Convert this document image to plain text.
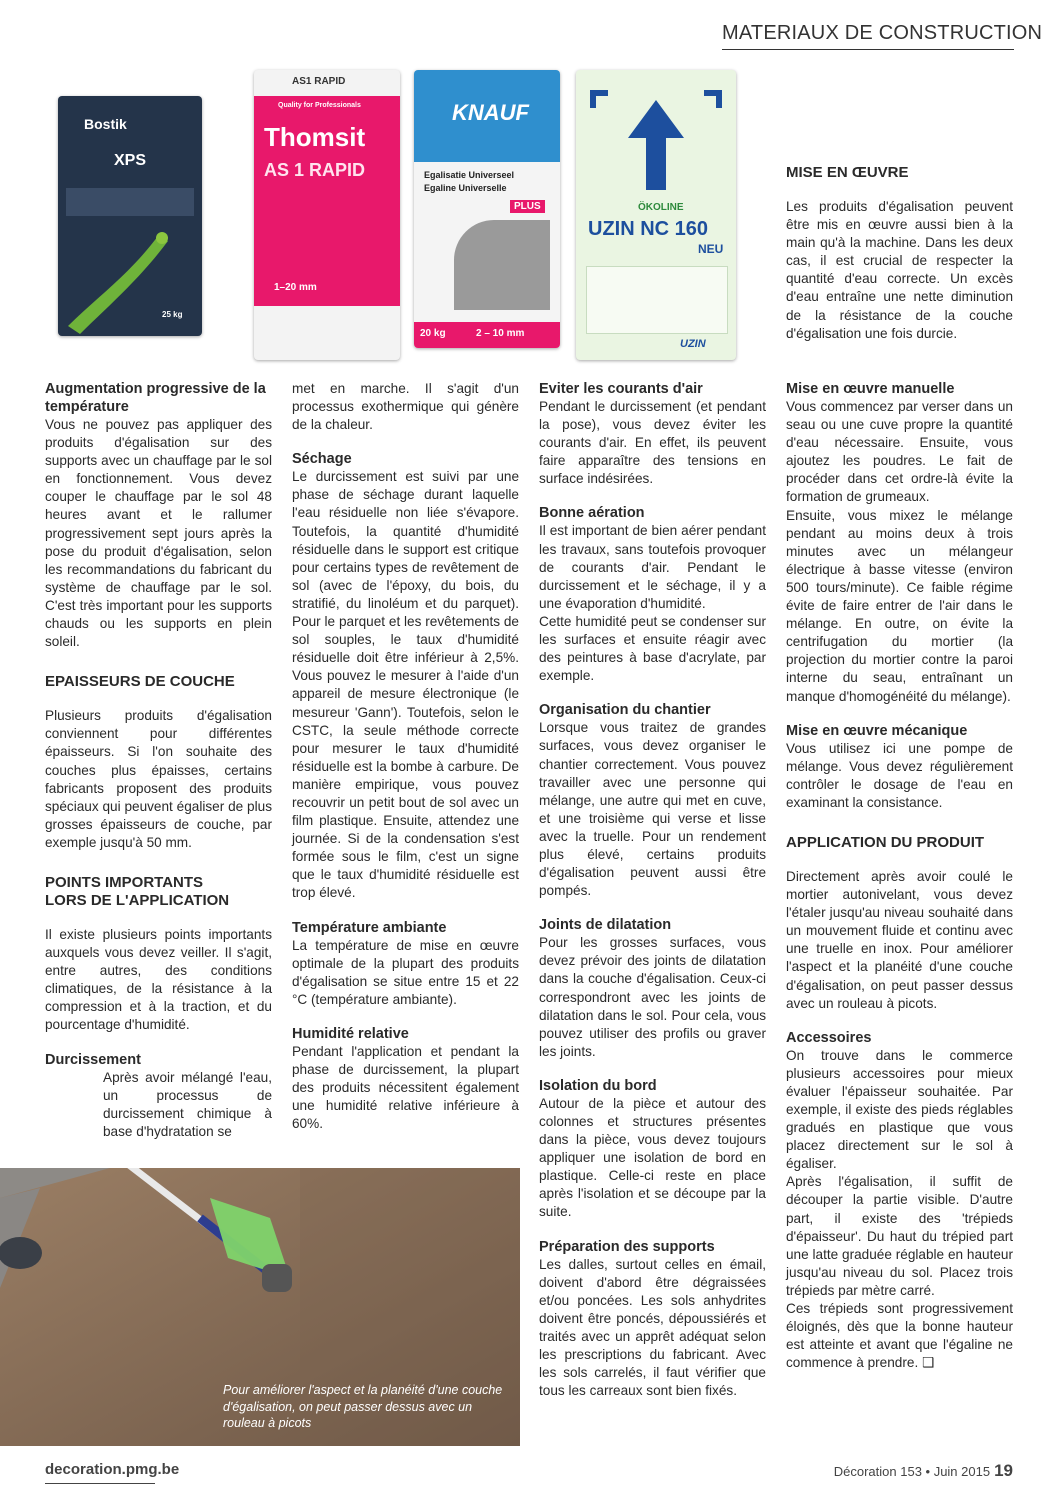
MATERIAUX DE CONSTRUCTION
Bostik
XPS
25 kg
AS1 RAPID
Quality for Professionals
Thomsit
AS 1 RAPID
1–20 mm
KNAUF
Egalisatie Universeel
Egaline Universelle
PLUS
20 kg	2 – 10 mm
ÖKOLINE
UZIN NC 160
NEU
UZIN

Augmentation progressive de la température

Vous ne pouvez pas appliquer des produits d'égalisation sur des supports avec un chauffage par le sol en fonctionnement. Vous devez couper le chauffage par le sol 48 heures avant et le rallumer progressivement sept jours après la pose du produit d'égalisation, selon les recommandations du fabricant du système de chauffage par le sol. C'est très important pour les supports chauds ou les supports en plein soleil.

EPAISSEURS DE COUCHE

Plusieurs produits d'égalisation conviennent pour différentes épaisseurs. Si l'on souhaite des couches plus épaisses, certains fabricants proposent des produits spéciaux qui peuvent égaliser de plus grosses épaisseurs de couche, par exemple jusqu'à 50 mm.

POINTS IMPORTANTS LORS DE L'APPLICATION

Il existe plusieurs points importants auxquels vous devez veiller. Il s'agit, entre autres, des conditions climatiques, de la résistance à la compression et à la traction, et du pourcentage d'humidité.

Durcissement

Après avoir mélangé l'eau, un processus de durcissement chimique à base d'hydratation se

met en marche. Il s'agit d'un processus exothermique qui génère de la chaleur.

Séchage

Le durcissement est suivi par une phase de séchage durant laquelle l'eau résiduelle non liée s'évapore. Toutefois, la quantité d'humidité résiduelle dans le support est critique pour certains types de revêtement de sol (avec de l'époxy, du bois, du stratifié, du linoléum et du parquet). Pour le parquet et les revêtements de sol souples, le taux d'humidité résiduelle doit être inférieur à 2,5%. Vous pouvez le mesurer à l'aide d'un appareil de mesure électronique (le mesureur 'Gann'). Toutefois, selon le CSTC, la seule méthode correcte pour mesurer le taux d'humidité résiduelle est la bombe à carbure. De manière empirique, vous pouvez recouvrir un petit bout de sol avec un film plastique. Ensuite, attendez une journée. Si de la condensation s'est formée sous le film, c'est un signe que le taux d'humidité résiduelle est trop élevé.

Température ambiante

La température de mise en œuvre optimale de la plupart des produits d'égalisation se situe entre 15 et 22 °C (température ambiante).

Humidité relative

Pendant l'application et pendant la phase de durcissement, la plupart des produits nécessitent également une humidité relative inférieure à 60%.

Pour améliorer l'aspect et la planéité d'une couche d'égalisation, on peut passer dessus avec un rouleau à picots

Eviter les courants d'air

Pendant le durcissement (et pendant la pose), vous devez éviter les courants d'air. En effet, ils peuvent faire apparaître des tensions en surface indésirées.

Bonne aération

Il est important de bien aérer pendant les travaux, sans toutefois provoquer de courants d'air. Pendant le durcissement et le séchage, il y a une évaporation d'humidité.

Cette humidité peut se condenser sur les surfaces et ensuite réagir avec des peintures à base d'acrylate, par exemple.

Organisation du chantier

Lorsque vous traitez de grandes surfaces, vous devez organiser le chantier correctement. Vous pouvez travailler avec une personne qui mélange, une autre qui met en cuve, et une troisième qui verse et lisse avec la truelle. Pour un rendement plus élevé, certains produits d'égalisation peuvent aussi être pompés.

Joints de dilatation

Pour les grosses surfaces, vous devez prévoir des joints de dilatation dans la couche d'égalisation. Ceux-ci correspondront avec les joints de dilatation dans le sol. Pour cela, vous pouvez utiliser des profils ou graver les joints.

Isolation du bord

Autour de la pièce et autour des colonnes et structures présentes dans la pièce, vous devez toujours appliquer une isolation de bord en plastique. Celle-ci reste en place après l'isolation et se découpe par la suite.

Préparation des supports

Les dalles, surtout celles en émail, doivent d'abord être dégraissées et/ou poncées. Les sols anhydrites doivent être poncés, dépoussiérés et traités avec un apprêt adéquat selon les prescriptions du fabricant. Avec les sols carrelés, il faut vérifier que tous les carreaux sont bien fixés.

MISE EN ŒUVRE

Les produits d'égalisation peuvent être mis en œuvre aussi bien à la main qu'à la machine. Dans les deux cas, il est crucial de respecter la quantité d'eau correcte. Un excès d'eau entraîne une nette diminution de la résistance de la couche d'égalisation une fois durcie.

Mise en œuvre manuelle

Vous commencez par verser dans un seau ou une cuve propre la quantité d'eau nécessaire. Ensuite, vous ajoutez les poudres. Le fait de procéder dans cet ordre-là évite la formation de grumeaux.

Ensuite, vous mixez le mélange pendant au moins deux à trois minutes avec un mélangeur électrique à basse vitesse (environ 500 tours/minute). Ce faible régime évite de faire entrer de l'air dans le mélange. En outre, on évite la centrifugation du mortier (la projection du mortier contre la paroi interne du seau, entraînant un manque d'homogénéité du mélange).

Mise en œuvre mécanique

Vous utilisez ici une pompe de mélange. Vous devez régulièrement contrôler le dosage de l'eau en examinant la consistance.

APPLICATION DU PRODUIT

Directement après avoir coulé le mortier autonivelant, vous devez l'étaler jusqu'au niveau souhaité dans un mouvement fluide et continu avec une truelle en inox. Pour améliorer l'aspect et la planéité d'une couche d'égalisation, on peut passer dessus avec un rouleau à picots.

Accessoires

On trouve dans le commerce plusieurs accessoires pour mieux évaluer l'épaisseur souhaitée. Par exemple, il existe des pieds réglables gradués en plastique que vous placez directement sur le sol à égaliser.

Après l'égalisation, il suffit de découper la partie visible. D'autre part, il existe des 'trépieds d'épaisseur'. Du haut du trépied part une latte graduée réglable en hauteur jusqu'au niveau du sol. Placez trois trépieds par mètre carré.

Ces trépieds sont progressivement éloignés, dès que la bonne hauteur est atteinte et avant que l'égaline ne commence à prendre. ❑

decoration.pmg.be	Décoration 153 • Juin 2015 19
